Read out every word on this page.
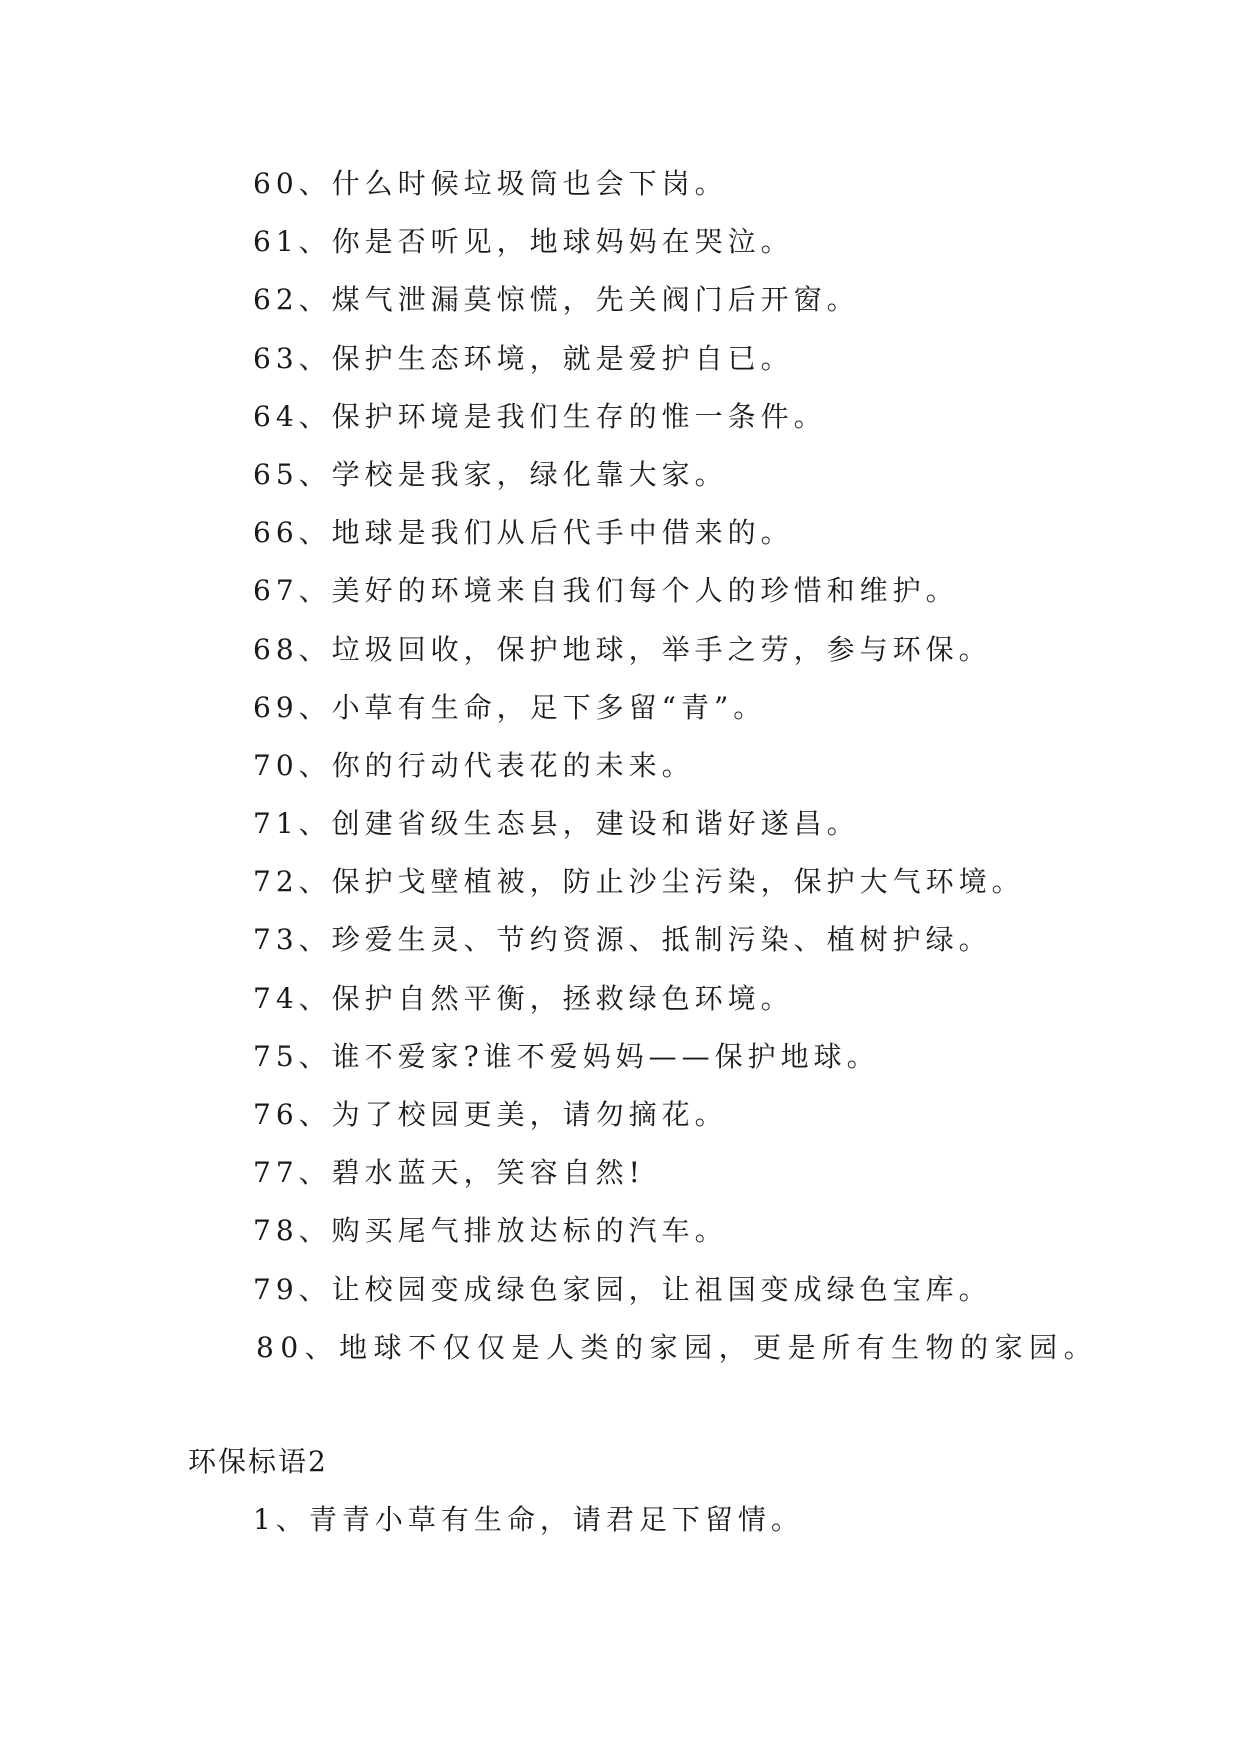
60、什么时候垃圾筒也会下岗。
61、你是否听见，地球妈妈在哭泣。
62、煤气泄漏莫惊慌，先关阀门后开窗。
63、保护生态环境，就是爱护自已。
64、保护环境是我们生存的惟一条件。
65、学校是我家，绿化靠大家。
66、地球是我们从后代手中借来的。
67、美好的环境来自我们每个人的珍惜和维护。
68、垃圾回收，保护地球，举手之劳，参与环保。
69、小草有生命，足下多留“青”。
70、你的行动代表花的未来。
71、创建省级生态县，建设和谐好遂昌。
72、保护戈壁植被，防止沙尘污染，保护大气环境。
73、珍爱生灵、节约资源、抵制污染、植树护绿。
74、保护自然平衡，拯救绿色环境。
75、谁不爱家?谁不爱妈妈——保护地球。
76、为了校园更美，请勿摘花。
77、碧水蓝天，笑容自然!
78、购买尾气排放达标的汽车。
79、让校园变成绿色家园，让祖国变成绿色宝库。
80、地球不仅仅是人类的家园，更是所有生物的家园。
环保标语2
1、青青小草有生命，请君足下留情。
